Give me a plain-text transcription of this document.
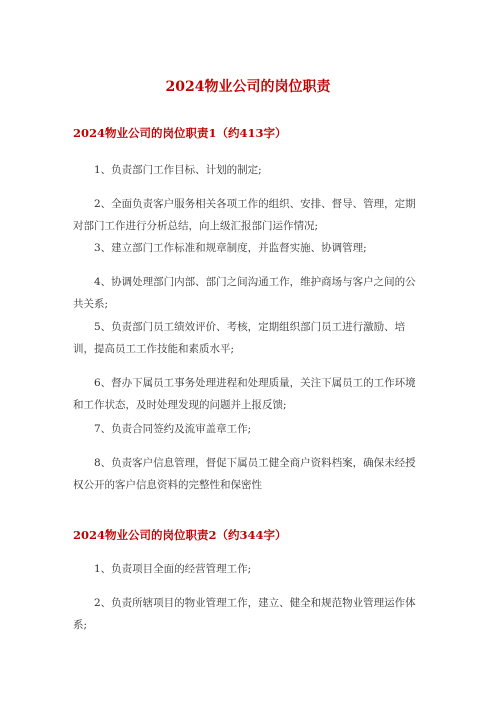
2024物业公司的岗位职责
2024物业公司的岗位职责1（约413字）

1、负责部门工作目标、计划的制定;

2、全面负责客户服务相关各项工作的组织、安排、督导、管理，定期对部门工作进行分析总结，向上级汇报部门运作情况;

3、建立部门工作标准和规章制度，并监督实施、协调管理;

4、协调处理部门内部、部门之间沟通工作，维护商场与客户之间的公共关系;

5、负责部门员工绩效评价、考核，定期组织部门员工进行激励、培训，提高员工工作技能和素质水平;

6、督办下属员工事务处理进程和处理质量，关注下属员工的工作环境和工作状态，及时处理发现的问题并上报反馈;

7、负责合同签约及流审盖章工作;

8、负责客户信息管理，督促下属员工健全商户资料档案，确保未经授权公开的客户信息资料的完整性和保密性

2024物业公司的岗位职责2（约344字）

1、负责项目全面的经营管理工作;

2、负责所辖项目的物业管理工作，建立、健全和规范物业管理运作体系;
